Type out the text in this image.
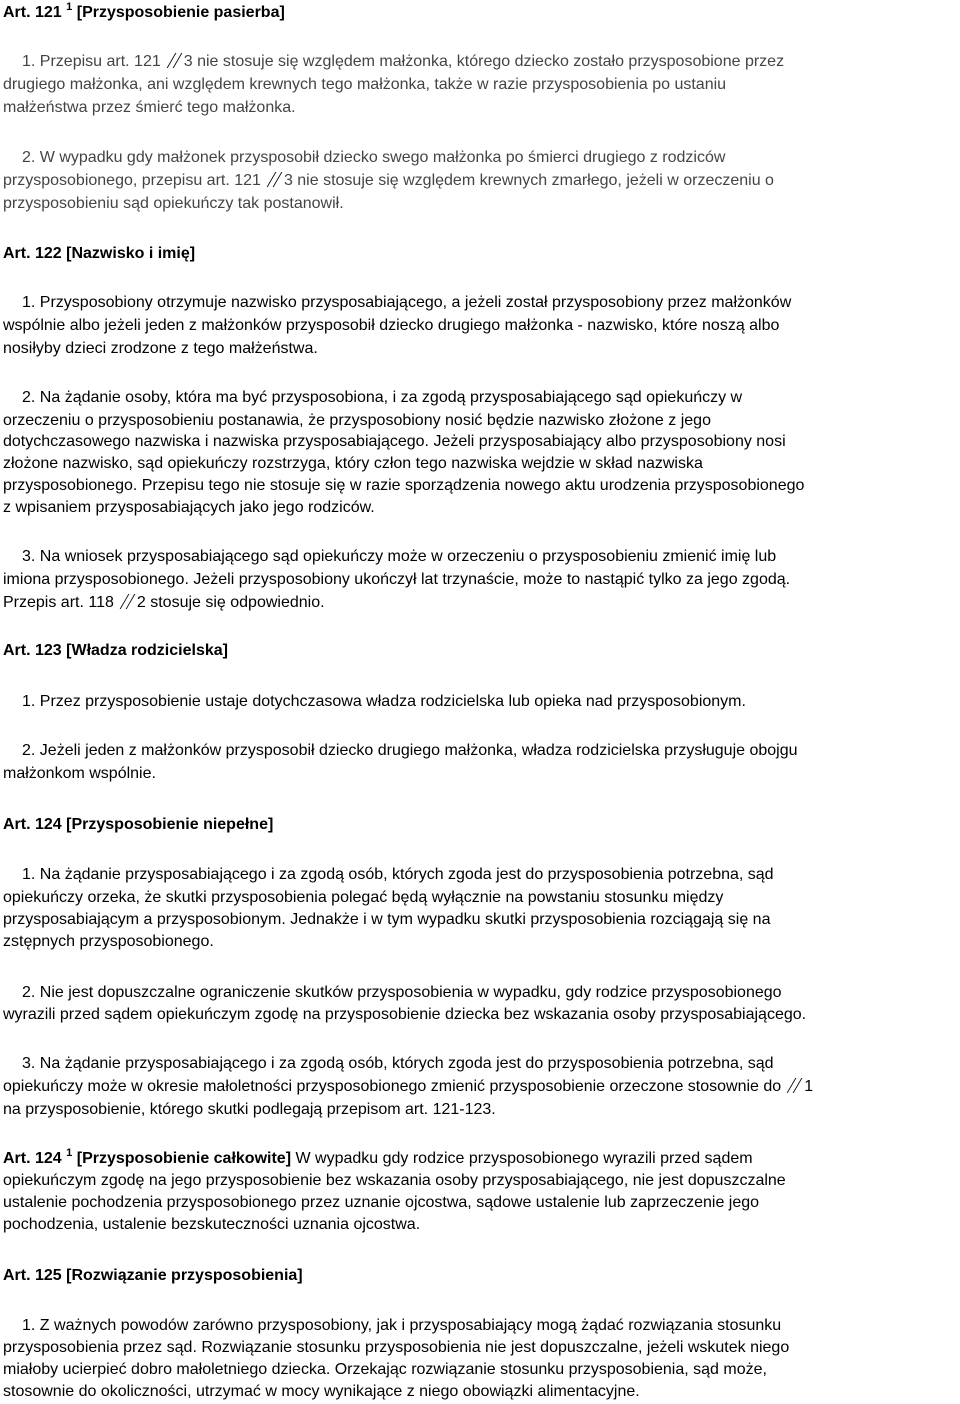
Art. 121 $^1$ [Przysposobienie pasierba]
1. Przepisu art. 121 3 nie stosuje się względem małżonka, którego dziecko zostało przysposobione przez
drugiego małżonka, ani względem krewnych tego małżonka, także w razie przysposobienia po ustaniu
małżeństwa przez śmierć tego małżonka.
2. W wypadku gdy małżonek przysposobił dziecko swego małżonka po śmierci drugiego z rodziców
przysposobionego, przepisu art. 121 3 nie stosuje się względem krewnych zmarłego, jeżeli w orzeczeniu o
przysposobieniu sąd opiekuńczy tak postanowił.
Art. 122 [Nazwisko i imię]
1. Przysposobiony otrzymuje nazwisko przysposabiającego, a jeżeli został przysposobiony przez małżonków
wspólnie albo jeżeli jeden z małżonków przysposobił dziecko drugiego małżonka - nazwisko, które noszą albo
nosiłyby dzieci zrodzone z tego małżeństwa.
2. Na żądanie osoby, która ma być przysposobiona, i za zgodą przysposabiającego sąd opiekuńczy w
orzeczeniu o przysposobieniu postanawia, że przysposobiony nosić będzie nazwisko złożone z jego
dotychczasowego nazwiska i nazwiska przysposabiającego. Jeżeli przysposabiający albo przysposobiony nosi
złożone nazwisko, sąd opiekuńczy rozstrzyga, który człon tego nazwiska wejdzie w skład nazwiska
przysposobionego. Przepisu tego nie stosuje się w razie sporządzenia nowego aktu urodzenia przysposobionego
z wpisaniem przysposabiających jako jego rodziców.
3. Na wniosek przysposabiającego sąd opiekuńczy może w orzeczeniu o przysposobieniu zmienić imię lub
imiona przysposobionego. Jeżeli przysposobiony ukończył lat trzynaście, może to nastąpić tylko za jego zgodą.
Przepis art. 118 2 stosuje się odpowiednio.
Art. 123 [Władza rodzicielska]
1. Przez przysposobienie ustaje dotychczasowa władza rodzicielska lub opieka nad przysposobionym.
2. Jeżeli jeden z małżonków przysposobił dziecko drugiego małżonka, władza rodzicielska przysługuje obojgu
małżonkom wspólnie.
Art. 124 [Przysposobienie niepełne]
1. Na żądanie przysposabiającego i za zgodą osób, których zgoda jest do przysposobienia potrzebna, sąd
opiekuńczy orzeka, że skutki przysposobienia polegać będą wyłącznie na powstaniu stosunku między
przysposabiającym a przysposobionym. Jednakże i w tym wypadku skutki przysposobienia rozciągają się na
zstępnych przysposobionego.
2. Nie jest dopuszczalne ograniczenie skutków przysposobienia w wypadku, gdy rodzice przysposobionego
wyrazili przed sądem opiekuńczym zgodę na przysposobienie dziecka bez wskazania osoby przysposabiającego.
3. Na żądanie przysposabiającego i za zgodą osób, których zgoda jest do przysposobienia potrzebna, sąd
opiekuńczy może w okresie małoletności przysposobionego zmienić przysposobienie orzeczone stosownie do 1
na przysposobienie, którego skutki podlegają przepisom art. 121-123.
Art. 124 $^1$ [Przysposobienie całkowite] W wypadku gdy rodzice przysposobionego wyrazili przed sądem
opiekuńczym zgodę na jego przysposobienie bez wskazania osoby przysposabiającego, nie jest dopuszczalne
ustalenie pochodzenia przysposobionego przez uznanie ojcostwa, sądowe ustalenie lub zaprzeczenie jego
pochodzenia, ustalenie bezskuteczności uznania ojcostwa.
Art. 125 [Rozwiązanie przysposobienia]
1. Z ważnych powodów zarówno przysposobiony, jak i przysposabiający mogą żądać rozwiązania stosunku
przysposobienia przez sąd. Rozwiązanie stosunku przysposobienia nie jest dopuszczalne, jeżeli wskutek niego
miałoby ucierpieć dobro małoletniego dziecka. Orzekając rozwiązanie stosunku przysposobienia, sąd może,
stosownie do okoliczności, utrzymać w mocy wynikające z niego obowiązki alimentacyjne.
